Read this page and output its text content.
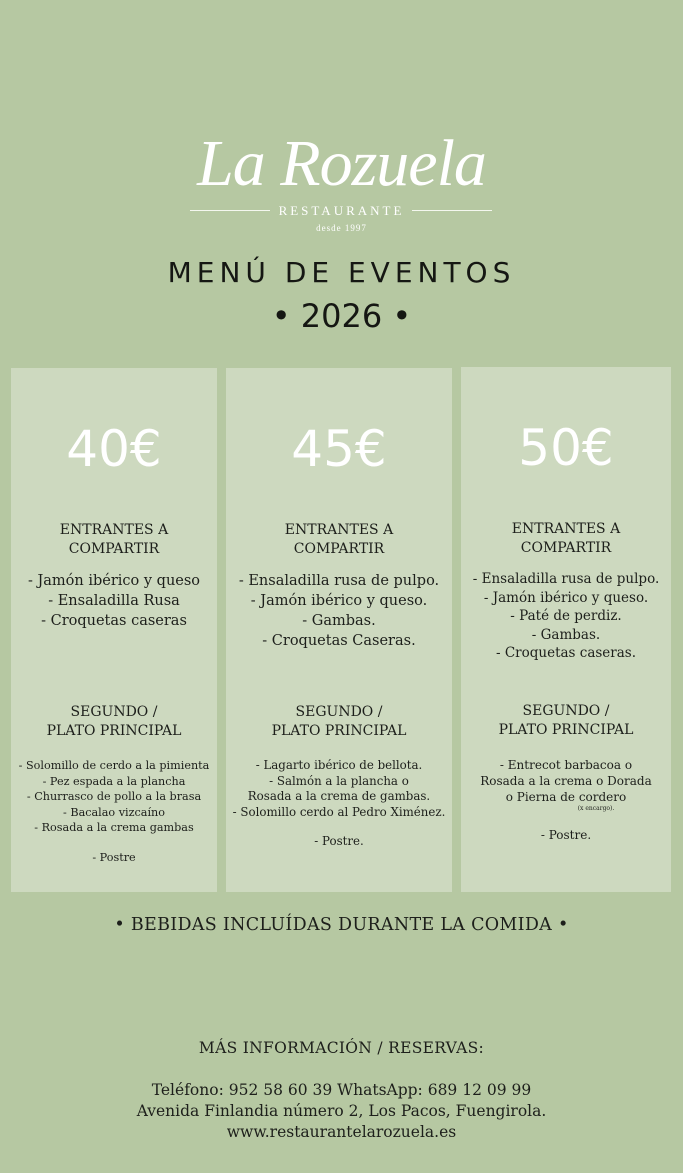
La Rozuela
RESTAURANTE
desde 1997
MENÚ DE EVENTOS
• 2026 •
40€
ENTRANTES A
COMPARTIR
- Jamón ibérico y queso
- Ensaladilla Rusa
- Croquetas caseras
SEGUNDO /
PLATO PRINCIPAL
- Solomillo de cerdo a la pimienta
- Pez espada a la plancha
- Churrasco de pollo a la brasa
- Bacalao vizcaíno
- Rosada a la crema gambas
- Postre
45€
ENTRANTES A
COMPARTIR
- Ensaladilla rusa de pulpo.
- Jamón ibérico y queso.
- Gambas.
- Croquetas Caseras.
SEGUNDO /
PLATO PRINCIPAL
- Lagarto ibérico de bellota.
- Salmón a la plancha o
Rosada a la crema de gambas.
- Solomillo cerdo al Pedro Ximénez.
- Postre.
50€
ENTRANTES A
COMPARTIR
- Ensaladilla rusa de pulpo.
- Jamón ibérico y queso.
- Paté de perdiz.
- Gambas.
- Croquetas caseras.
SEGUNDO /
PLATO PRINCIPAL
- Entrecot barbacoa o
Rosada a la crema o Dorada
o Pierna de cordero
(x encargo).
- Postre.
• BEBIDAS INCLUÍDAS DURANTE LA COMIDA •
MÁS INFORMACIÓN / RESERVAS:
Teléfono: 952 58 60 39 WhatsApp: 689 12 09 99
Avenida Finlandia número 2, Los Pacos, Fuengirola.
www.restaurantelarozuela.es
